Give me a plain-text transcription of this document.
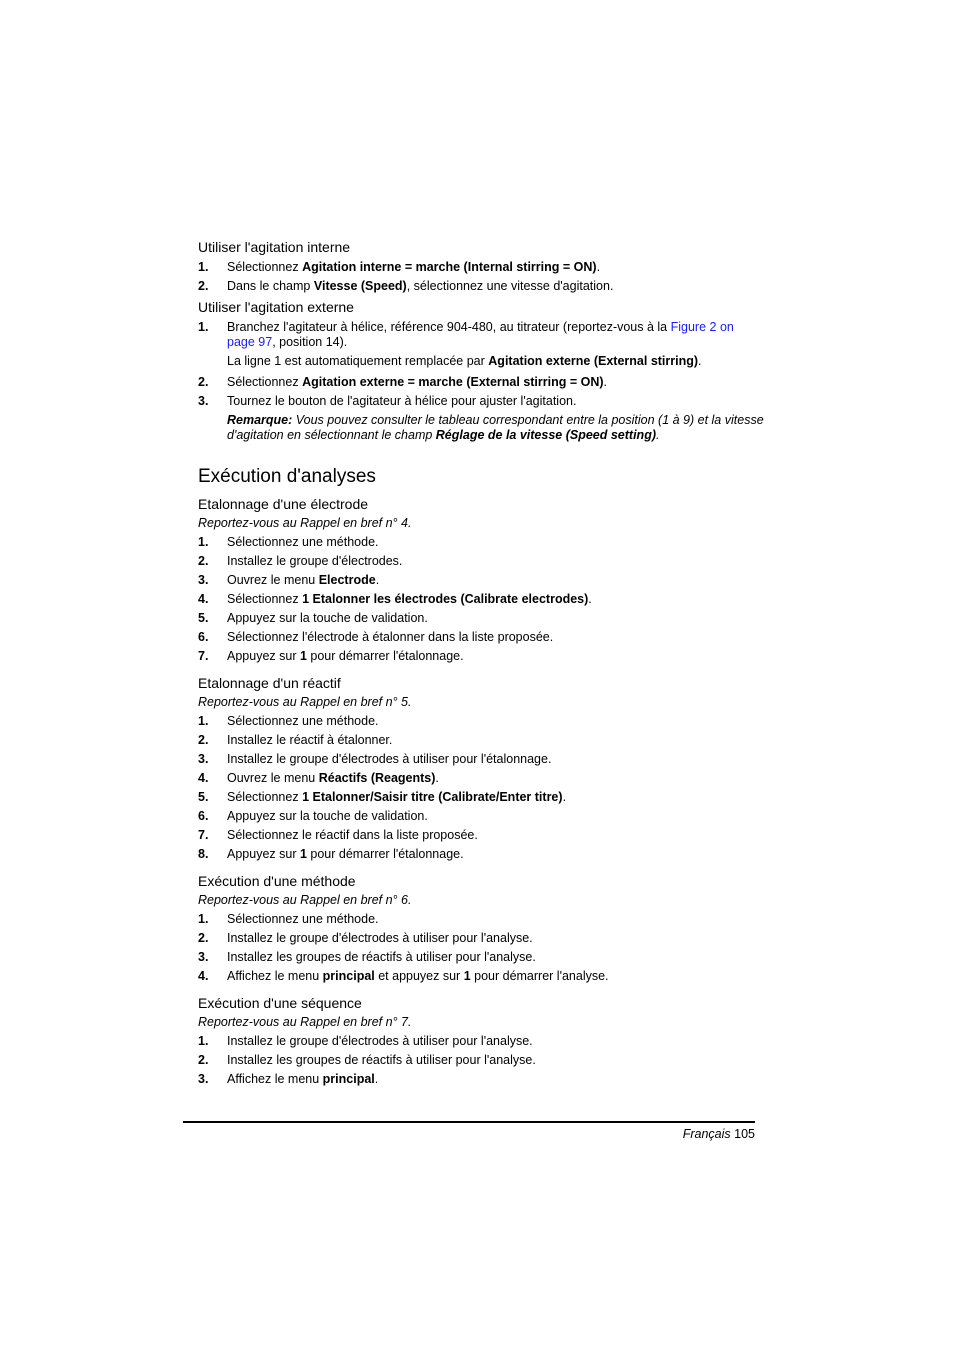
Utiliser l'agitation interne
1. Sélectionnez Agitation interne = marche (Internal stirring = ON).
2. Dans le champ Vitesse (Speed), sélectionnez une vitesse d'agitation.
Utiliser l'agitation externe
1. Branchez l'agitateur à hélice, référence 904-480, au titrateur (reportez-vous à la Figure 2 on page 97, position 14).
La ligne 1 est automatiquement remplacée par Agitation externe (External stirring).
2. Sélectionnez Agitation externe = marche (External stirring = ON).
3. Tournez le bouton de l'agitateur à hélice pour ajuster l'agitation.
Remarque: Vous pouvez consulter le tableau correspondant entre la position (1 à 9) et la vitesse d'agitation en sélectionnant le champ Réglage de la vitesse (Speed setting).
Exécution d'analyses
Etalonnage d'une électrode
Reportez-vous au Rappel en bref n° 4.
1. Sélectionnez une méthode.
2. Installez le groupe d'électrodes.
3. Ouvrez le menu Electrode.
4. Sélectionnez 1 Etalonner les électrodes (Calibrate electrodes).
5. Appuyez sur la touche de validation.
6. Sélectionnez l'électrode à étalonner dans la liste proposée.
7. Appuyez sur 1 pour démarrer l'étalonnage.
Etalonnage d'un réactif
Reportez-vous au Rappel en bref n° 5.
1. Sélectionnez une méthode.
2. Installez le réactif à étalonner.
3. Installez le groupe d'électrodes à utiliser pour l'étalonnage.
4. Ouvrez le menu Réactifs (Reagents).
5. Sélectionnez 1 Etalonner/Saisir titre (Calibrate/Enter titre).
6. Appuyez sur la touche de validation.
7. Sélectionnez le réactif dans la liste proposée.
8. Appuyez sur 1 pour démarrer l'étalonnage.
Exécution d'une méthode
Reportez-vous au Rappel en bref n° 6.
1. Sélectionnez une méthode.
2. Installez le groupe d'électrodes à utiliser pour l'analyse.
3. Installez les groupes de réactifs à utiliser pour l'analyse.
4. Affichez le menu principal et appuyez sur 1 pour démarrer l'analyse.
Exécution d'une séquence
Reportez-vous au Rappel en bref n° 7.
1. Installez le groupe d'électrodes à utiliser pour l'analyse.
2. Installez les groupes de réactifs à utiliser pour l'analyse.
3. Affichez le menu principal.
Français 105
